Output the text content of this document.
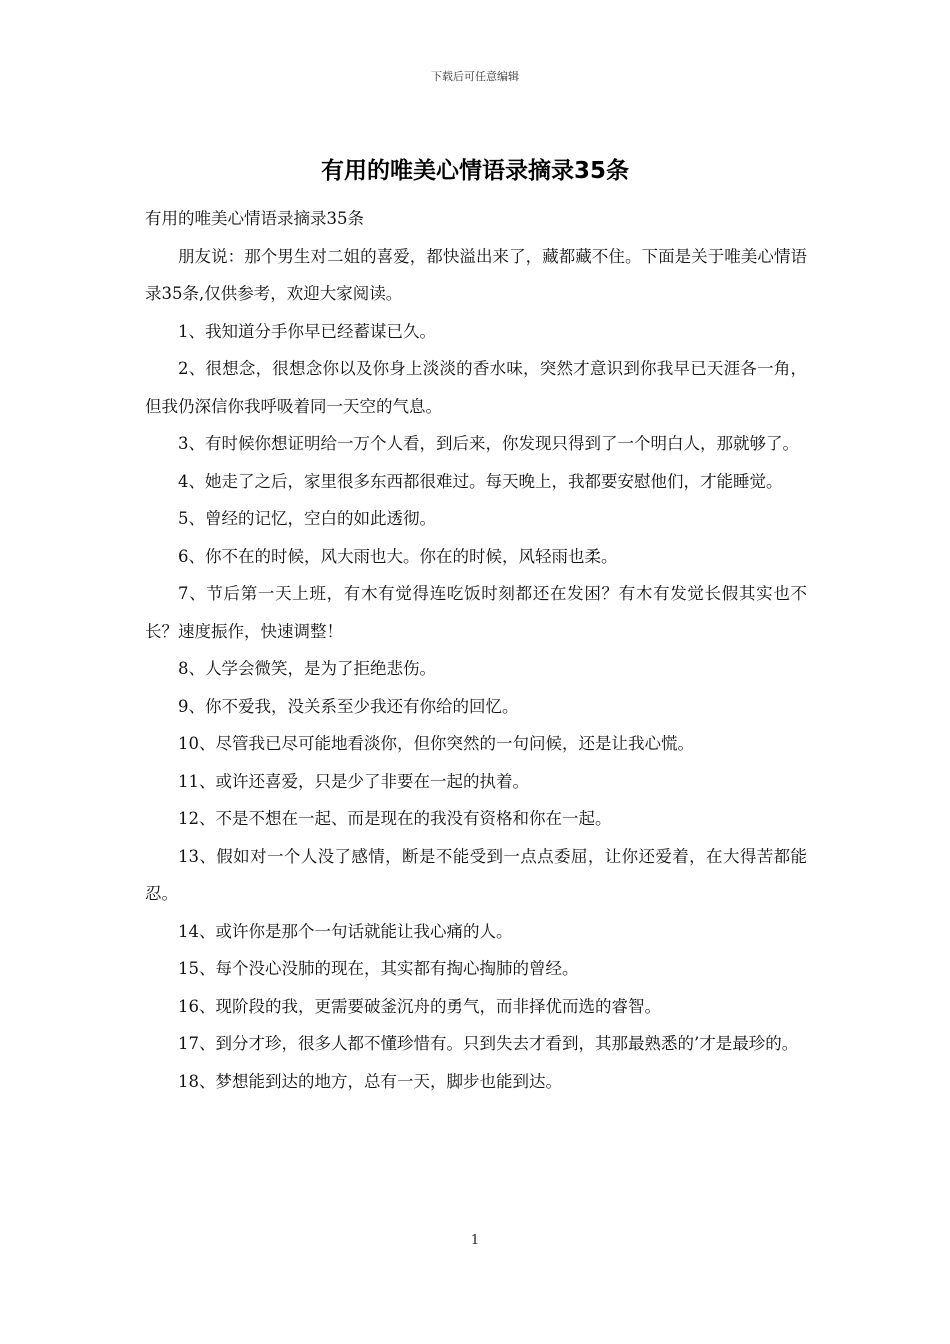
下载后可任意编辑
有用的唯美心情语录摘录35条

有用的唯美心情语录摘录35条

朋友说：那个男生对二姐的喜爱，都快溢出来了，藏都藏不住。下面是关于唯美心情语录35条,仅供参考，欢迎大家阅读。

1、我知道分手你早已经蓄谋已久。

2、很想念，很想念你以及你身上淡淡的香水味，突然才意识到你我早已天涯各一角，但我仍深信你我呼吸着同一天空的气息。

3、有时候你想证明给一万个人看，到后来，你发现只得到了一个明白人，那就够了。

4、她走了之后，家里很多东西都很难过。每天晚上，我都要安慰他们，才能睡觉。

5、曾经的记忆，空白的如此透彻。

6、你不在的时候，风大雨也大。你在的时候，风轻雨也柔。

7、节后第一天上班，有木有觉得连吃饭时刻都还在发困？有木有发觉长假其实也不长？速度振作，快速调整！

8、人学会微笑，是为了拒绝悲伤。

9、你不爱我，没关系至少我还有你给的回忆。

10、尽管我已尽可能地看淡你，但你突然的一句问候，还是让我心慌。

11、或许还喜爱，只是少了非要在一起的执着。

12、不是不想在一起、而是现在的我没有资格和你在一起。

13、假如对一个人没了感情，断是不能受到一点点委屈，让你还爱着，在大得苦都能忍。

14、或许你是那个一句话就能让我心痛的人。

15、每个没心没肺的现在，其实都有掏心掏肺的曾经。

16、现阶段的我，更需要破釜沉舟的勇气，而非择优而选的睿智。

17、到分才珍，很多人都不懂珍惜有。只到失去才看到，其那最熟悉的’才是最珍的。

18、梦想能到达的地方，总有一天，脚步也能到达。

1
